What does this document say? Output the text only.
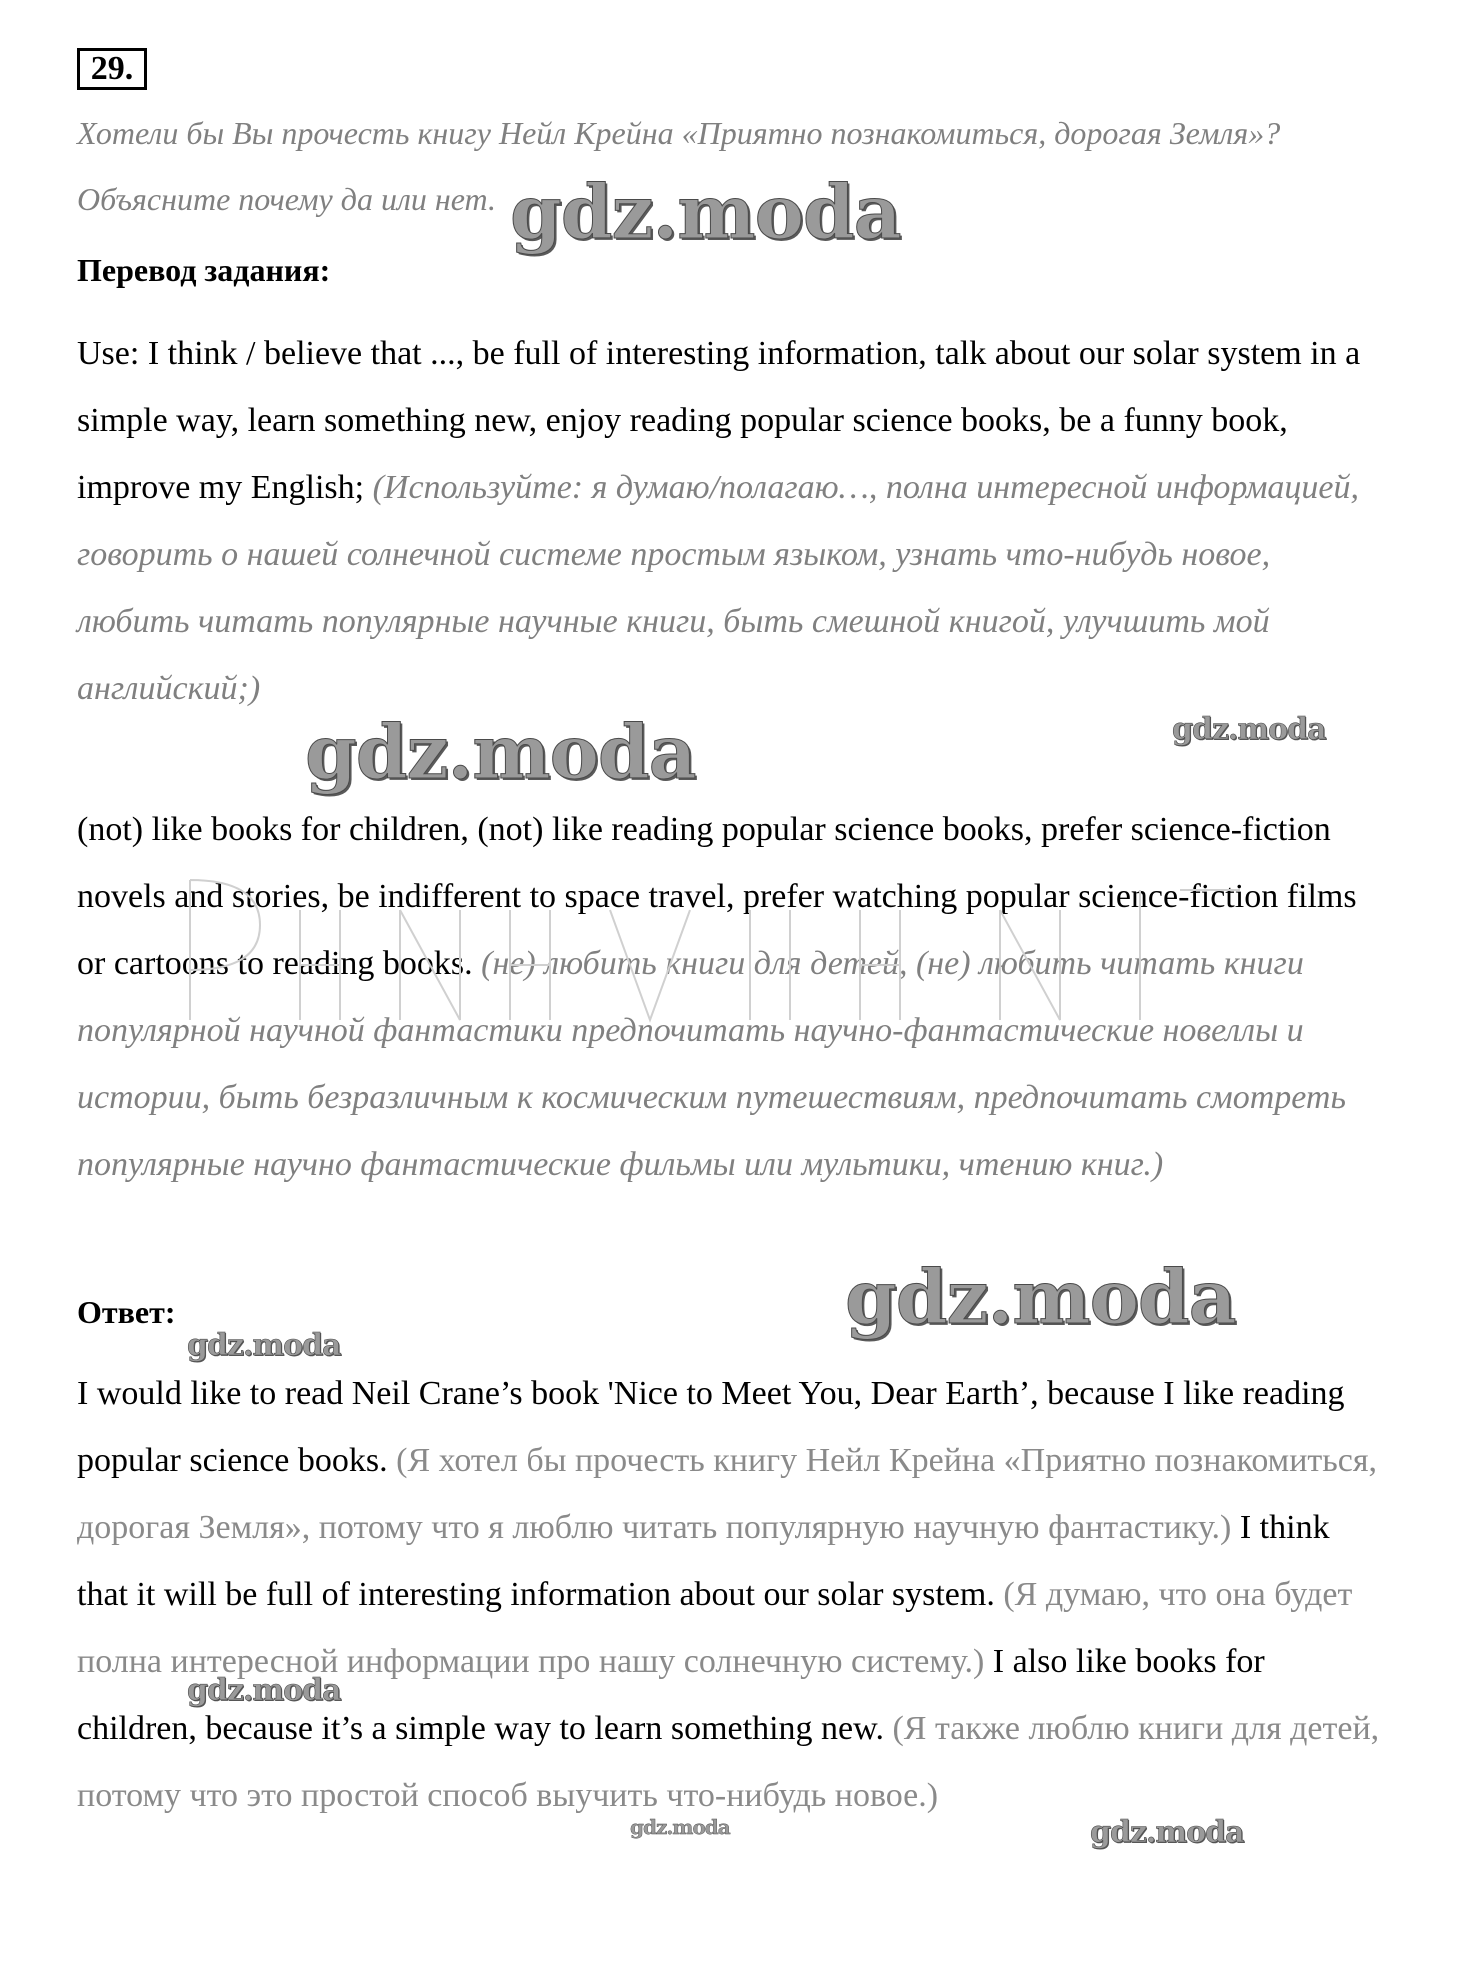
29.
Хотели бы Вы прочесть книгу Нейл Крейна «Приятно познакомиться, дорогая Земля»? Объясните почему да или нет.
Перевод задания:
Use: I think / believe that ..., be full of interesting information, talk about our solar system in a simple way, learn something new, enjoy reading popular science books, be a funny book, improve my English; (Используйте: я думаю/полагаю…, полна интересной информацией, говорить о нашей солнечной системе простым языком, узнать что-нибудь новое, любить читать популярные научные книги, быть смешной книгой, улучшить мой английский;)
(not) like books for children, (not) like reading popular science books, prefer science-fiction novels and stories, be indifferent to space travel, prefer watching popular science-fiction films or cartoons to reading books. (не) любить книги для детей, (не) любить читать книги популярной научной фантастики предпочитать научно-фантастические новеллы и истории, быть безразличным к космическим путешествиям, предпочитать смотреть популярные научно фантастические фильмы или мультики, чтению книг.)
Ответ:
I would like to read Neil Crane’s book 'Nice to Meet You, Dear Earth’, because I like reading popular science books. (Я хотел бы прочесть книгу Нейл Крейна «Приятно познакомиться, дорогая Земля», потому что я люблю читать популярную научную фантастику.) I think that it will be full of interesting information about our solar system. (Я думаю, что она будет полна интересной информации про нашу солнечную систему.) I also like books for children, because it’s a simple way to learn something new. (Я также люблю книги для детей, потому что это простой способ выучить что-нибудь новое.)
gdz.moda
gdz.moda	gdz.moda
gdz.moda
gdz.moda
gdz.moda
gdz.moda	gdz.moda
